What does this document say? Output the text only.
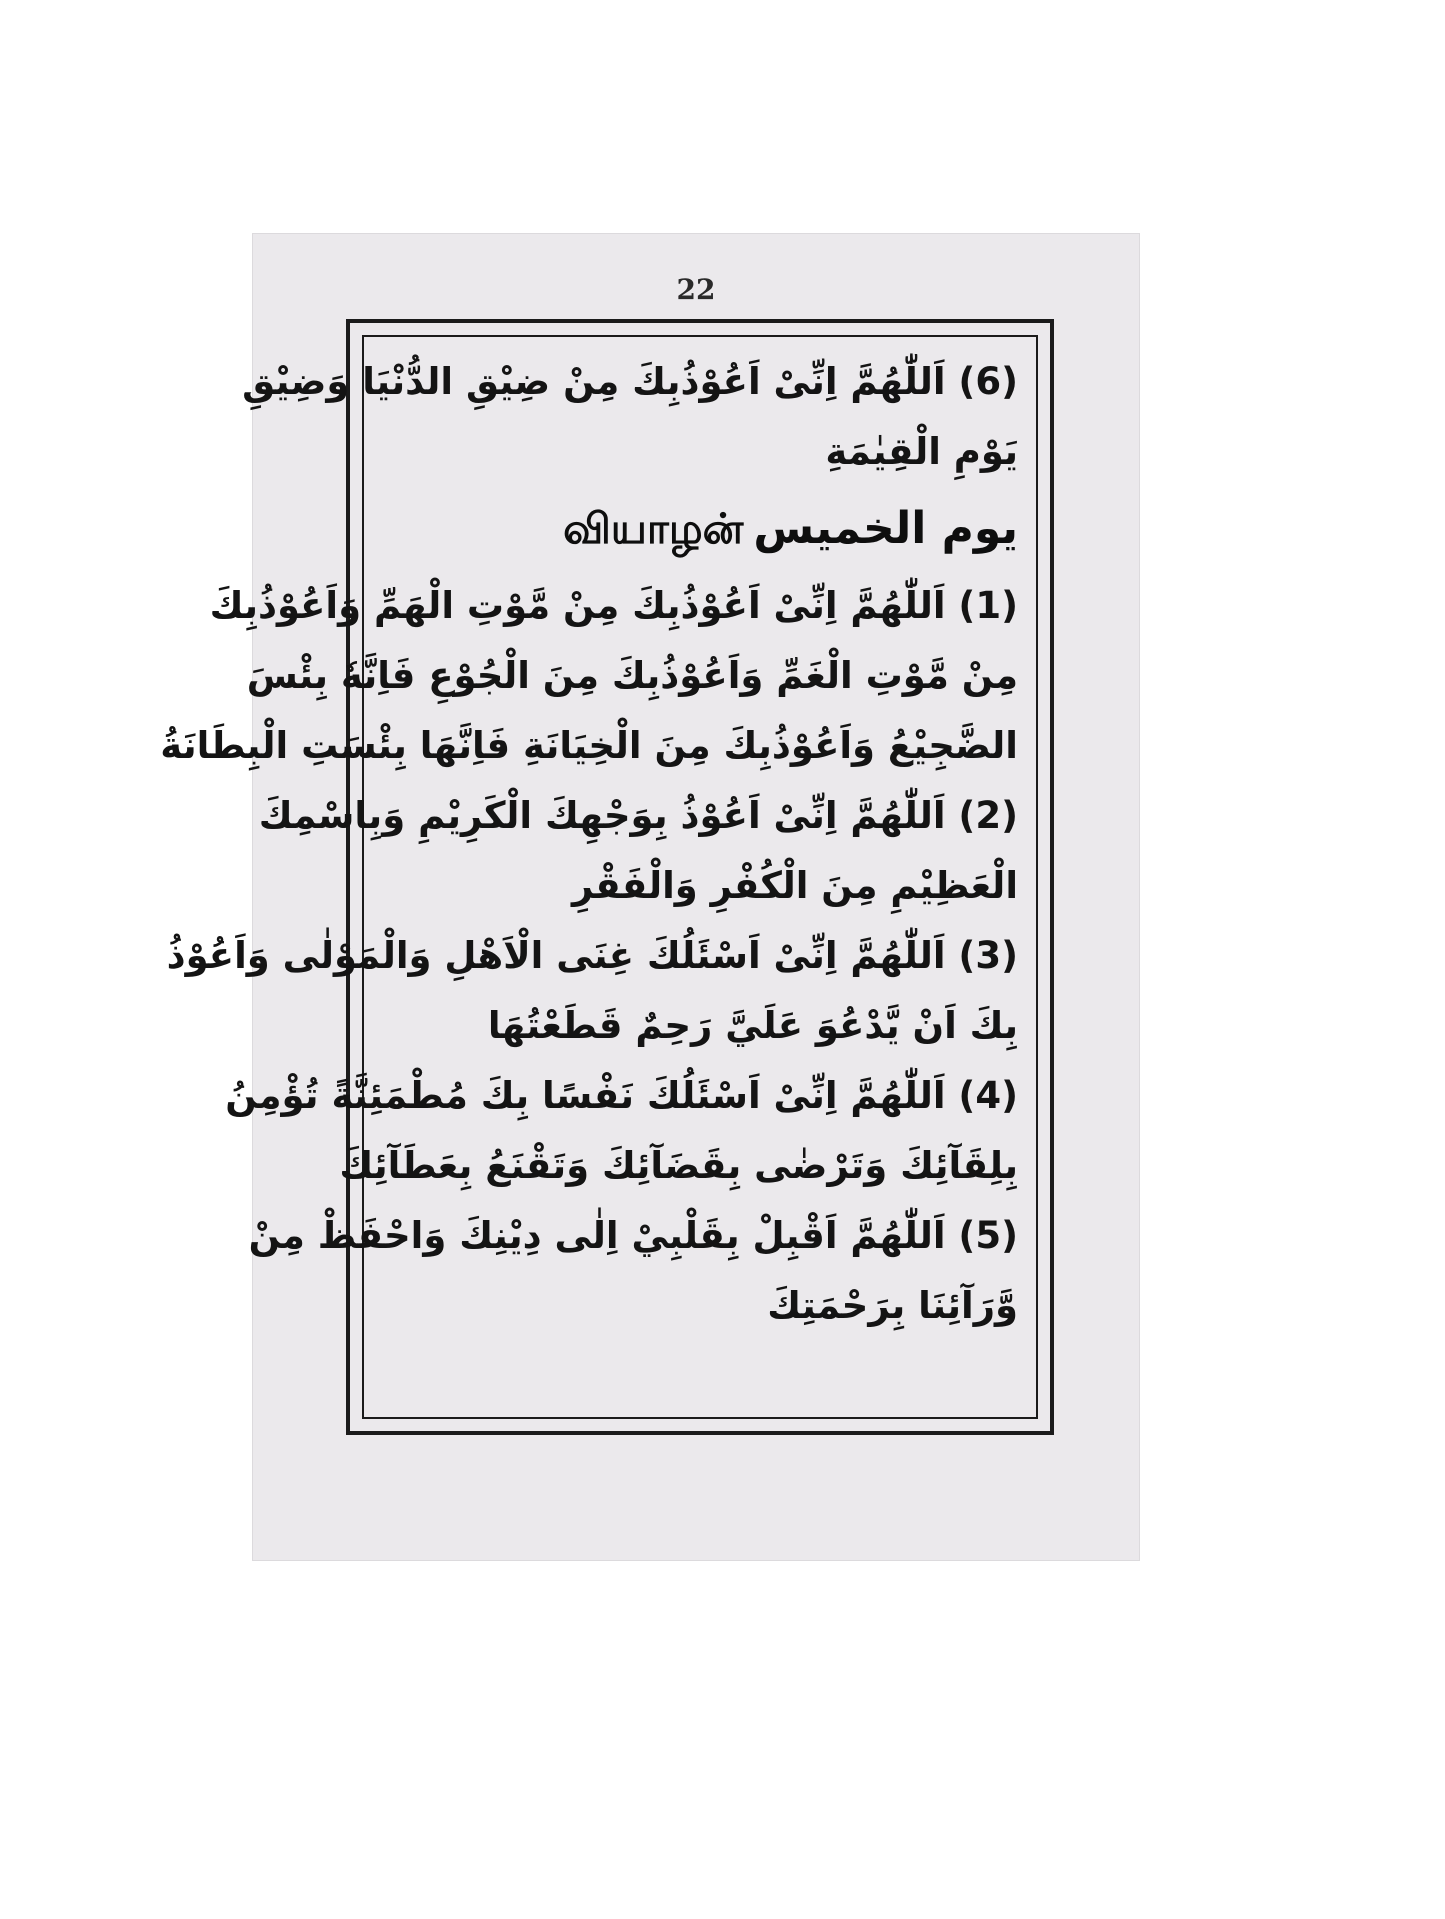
22
(6) اَللّٰهُمَّ اِنِّیْ اَعُوْذُبِكَ مِنْ ضِيْقِ الدُّنْيَا وَضِيْقِ
يَوْمِ الْقِيٰمَةِ
يوم الخميسவியாழன்
(1) اَللّٰهُمَّ اِنِّیْ اَعُوْذُبِكَ مِنْ مَّوْتِ الْهَمِّ وَاَعُوْذُبِكَ
مِنْ مَّوْتِ الْغَمِّ وَاَعُوْذُبِكَ مِنَ الْجُوْعِ فَاِنَّهٗ بِئْسَ
الضَّجِيْعُ وَاَعُوْذُبِكَ مِنَ الْخِيَانَةِ فَاِنَّهَا بِئْسَتِ الْبِطَانَةُ
(2) اَللّٰهُمَّ اِنِّیْ اَعُوْذُ بِوَجْهِكَ الْكَرِيْمِ وَبِاسْمِكَ
الْعَظِيْمِ مِنَ الْكُفْرِ وَالْفَقْرِ
(3) اَللّٰهُمَّ اِنِّیْ اَسْئَلُكَ غِنَى الْاَهْلِ وَالْمَوْلٰى وَاَعُوْذُ
بِكَ اَنْ يَّدْعُوَ عَلَيَّ رَحِمٌ قَطَعْتُهَا
(4) اَللّٰهُمَّ اِنِّیْ اَسْئَلُكَ نَفْسًا بِكَ مُطْمَئِنَّةً تُؤْمِنُ
بِلِقَآئِكَ وَتَرْضٰى بِقَضَآئِكَ وَتَقْنَعُ بِعَطَآئِكَ
(5) اَللّٰهُمَّ اَقْبِلْ بِقَلْبِيْ اِلٰى دِيْنِكَ وَاحْفَظْ مِنْ
وَّرَآئِنَا بِرَحْمَتِكَ
